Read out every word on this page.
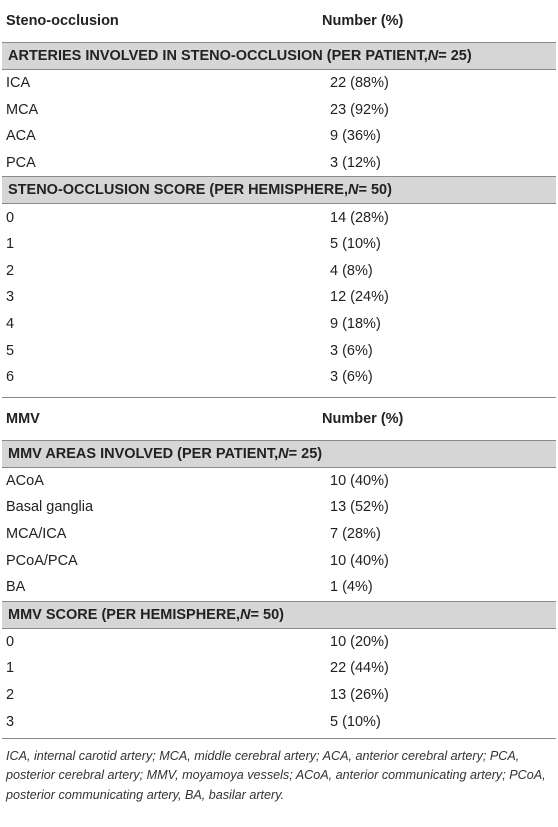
Steno-occlusion	Number (%)
ARTERIES INVOLVED IN STENO-OCCLUSION (PER PATIENT, N = 25)
ICA	22 (88%)
MCA	23 (92%)
ACA	9 (36%)
PCA	3 (12%)
STENO-OCCLUSION SCORE (PER HEMISPHERE, N = 50)
0	14 (28%)
1	5 (10%)
2	4 (8%)
3	12 (24%)
4	9 (18%)
5	3 (6%)
6	3 (6%)
MMV	Number (%)
MMV AREAS INVOLVED (PER PATIENT, N = 25)
ACoA	10 (40%)
Basal ganglia	13 (52%)
MCA/ICA	7 (28%)
PCoA/PCA	10 (40%)
BA	1 (4%)
MMV SCORE (PER HEMISPHERE, N = 50)
0	10 (20%)
1	22 (44%)
2	13 (26%)
3	5 (10%)
ICA, internal carotid artery; MCA, middle cerebral artery; ACA, anterior cerebral artery; PCA, posterior cerebral artery; MMV, moyamoya vessels; ACoA, anterior communicating artery; PCoA, posterior communicating artery, BA, basilar artery.
